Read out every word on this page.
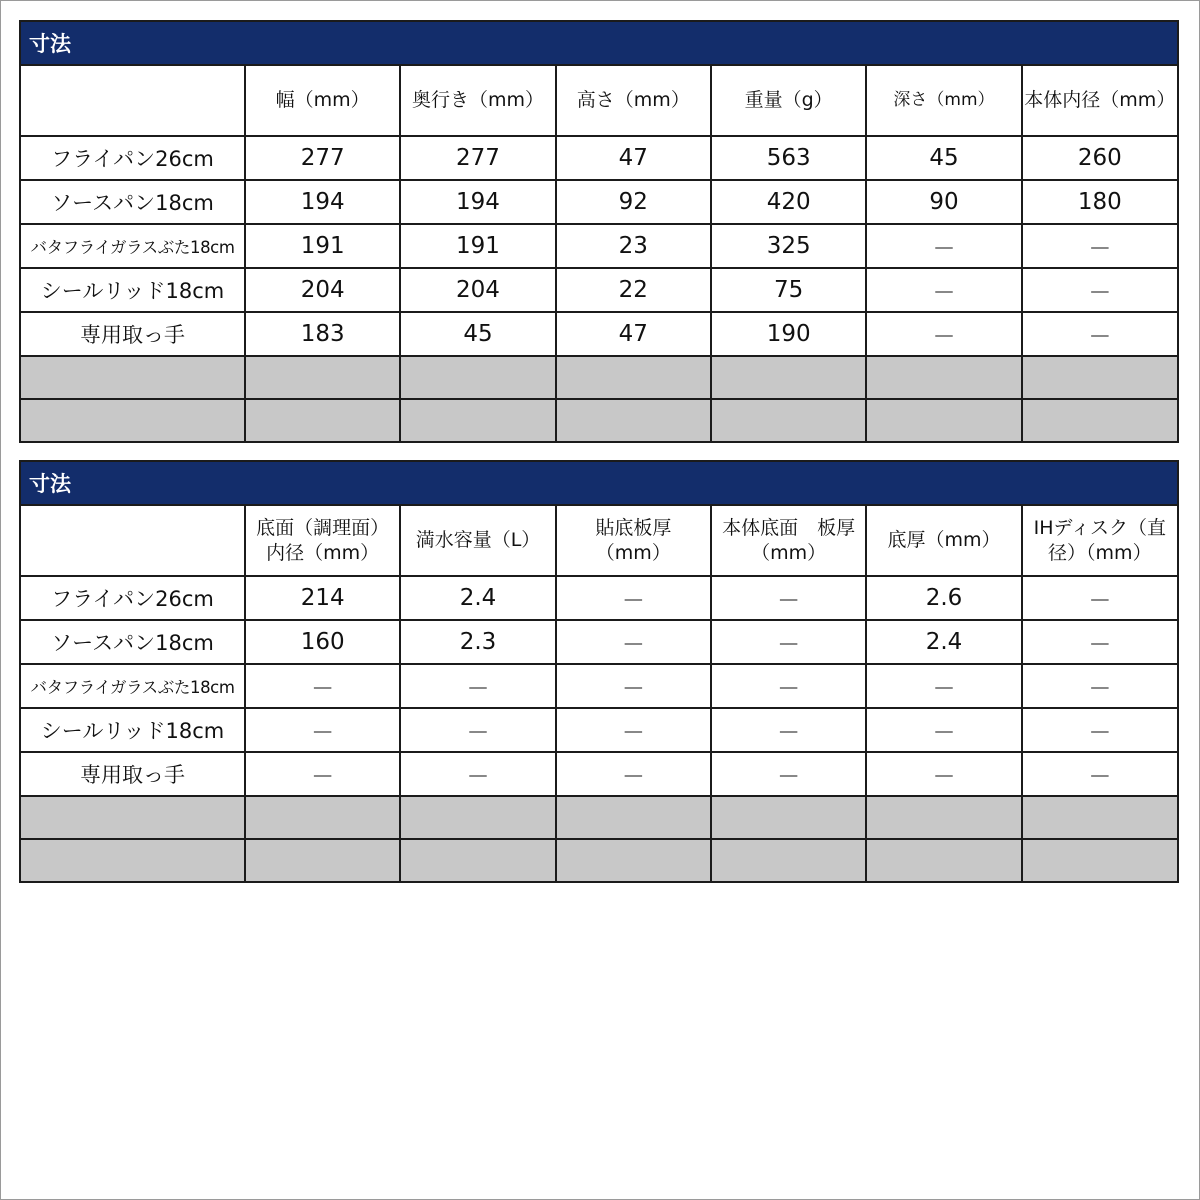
寸法
	幅（mm）	奥行き（mm）	高さ（mm）	重量（g）	深さ（mm）	本体内径（mm）
フライパン26cm	277	277	47	563	45	260
ソースパン18cm	194	194	92	420	90	180
バタフライガラスぶた18cm	191	191	23	325	－	－
シールリッド18cm	204	204	22	75	－	－
専用取っ手	183	45	47	190	－	－

寸法
	底面（調理面）内径（mm）	満水容量（L）	貼底板厚（mm）	本体底面　板厚（mm）	底厚（mm）	IHディスク（直径）（mm）
フライパン26cm	214	2.4	－	－	2.6	－
ソースパン18cm	160	2.3	－	－	2.4	－
バタフライガラスぶた18cm	－	－	－	－	－	－
シールリッド18cm	－	－	－	－	－	－
専用取っ手	－	－	－	－	－	－
